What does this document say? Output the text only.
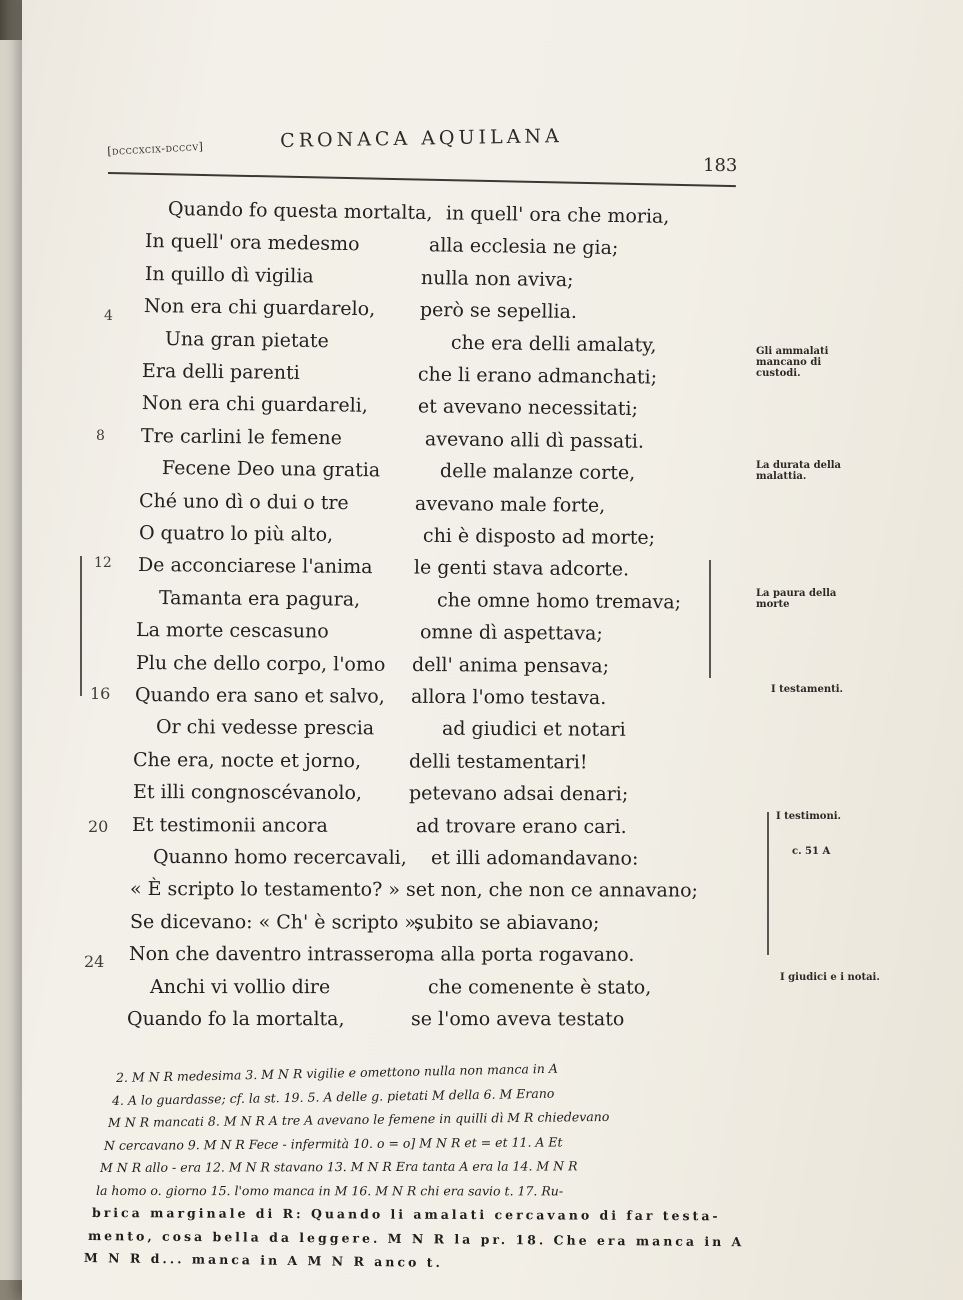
[dcccxcix-dcccv]	CRONACA AQUILANA
183
Quando fo questa mortalta, in quell' ora che moria,
In quell' ora medesmo	alla ecclesia ne gia;
In quillo dì vigilia	nulla non aviva;
Non era chi guardarelo, però se sepellia.
Una gran pietate	che era delli amalaty,
Era delli parenti	che li erano admanchati;
Non era chi guardareli,	et avevano necessitati;
Tre carlini le femene	avevano alli dì passati.
Fecene Deo una gratia	delle malanze corte,
Ché uno dì o dui o tre	avevano male forte,
O quatro lo più alto,	chi è disposto ad morte;
De acconciarese l'anima le genti stava adcorte.
Tamanta era pagura,	che omne homo tremava;
La morte cescasuno	omne dì aspettava;
Plu che dello corpo, l'omo dell' anima pensava;
Quando era sano et salvo, allora l'omo testava.
Or chi vedesse prescia	ad giudici et notari
Che era, nocte et jorno,	delli testamentari!
Et illi congnoscévanolo, petevano adsai denari;
Et testimonii ancora	ad trovare erano cari.
Quanno homo recercavali, et illi adomandavano:
« È scripto lo testamento? » set non, che non ce annavano;
Se dicevano: « Ch' è scripto »,
subito se abiavano;
Non che daventro intrassero,
ma alla porta rogavano.
Anchi vi vollio dire	che comenente è stato,
Quando fo la mortalta,	se l'omo aveva testato
4
8
12
16
20
24
Gli ammalati mancano di custodi.
La durata della malattia.
La paura della morte
I testamenti.
I testimoni.
c. 51 A
I giudici e i notai.
2. M N R medesima 3. M N R vigilie e omettono nulla non manca in A
4. A lo guardasse; cf. la st. 19. 5. A delle g. pietati M della 6. M Erano
M N R mancati 8. M N R A tre A avevano le femene in quilli dì M R chiedevano
N cercavano 9. M N R Fece - infermità 10. o = o] M N R et = et 11. A Et
M N R allo - era 12. M N R stavano 13. M N R Era tanta A era la 14. M N R
la homo o. giorno 15. l'omo manca in M 16. M N R chi era savio t. 17. Ru-
brica marginale di R: Quando li amalati cercavano di far testa-
mento, cosa bella da leggere. M N R la pr. 18. Che era manca in A
M N R d... manca in A M N R anco t.
